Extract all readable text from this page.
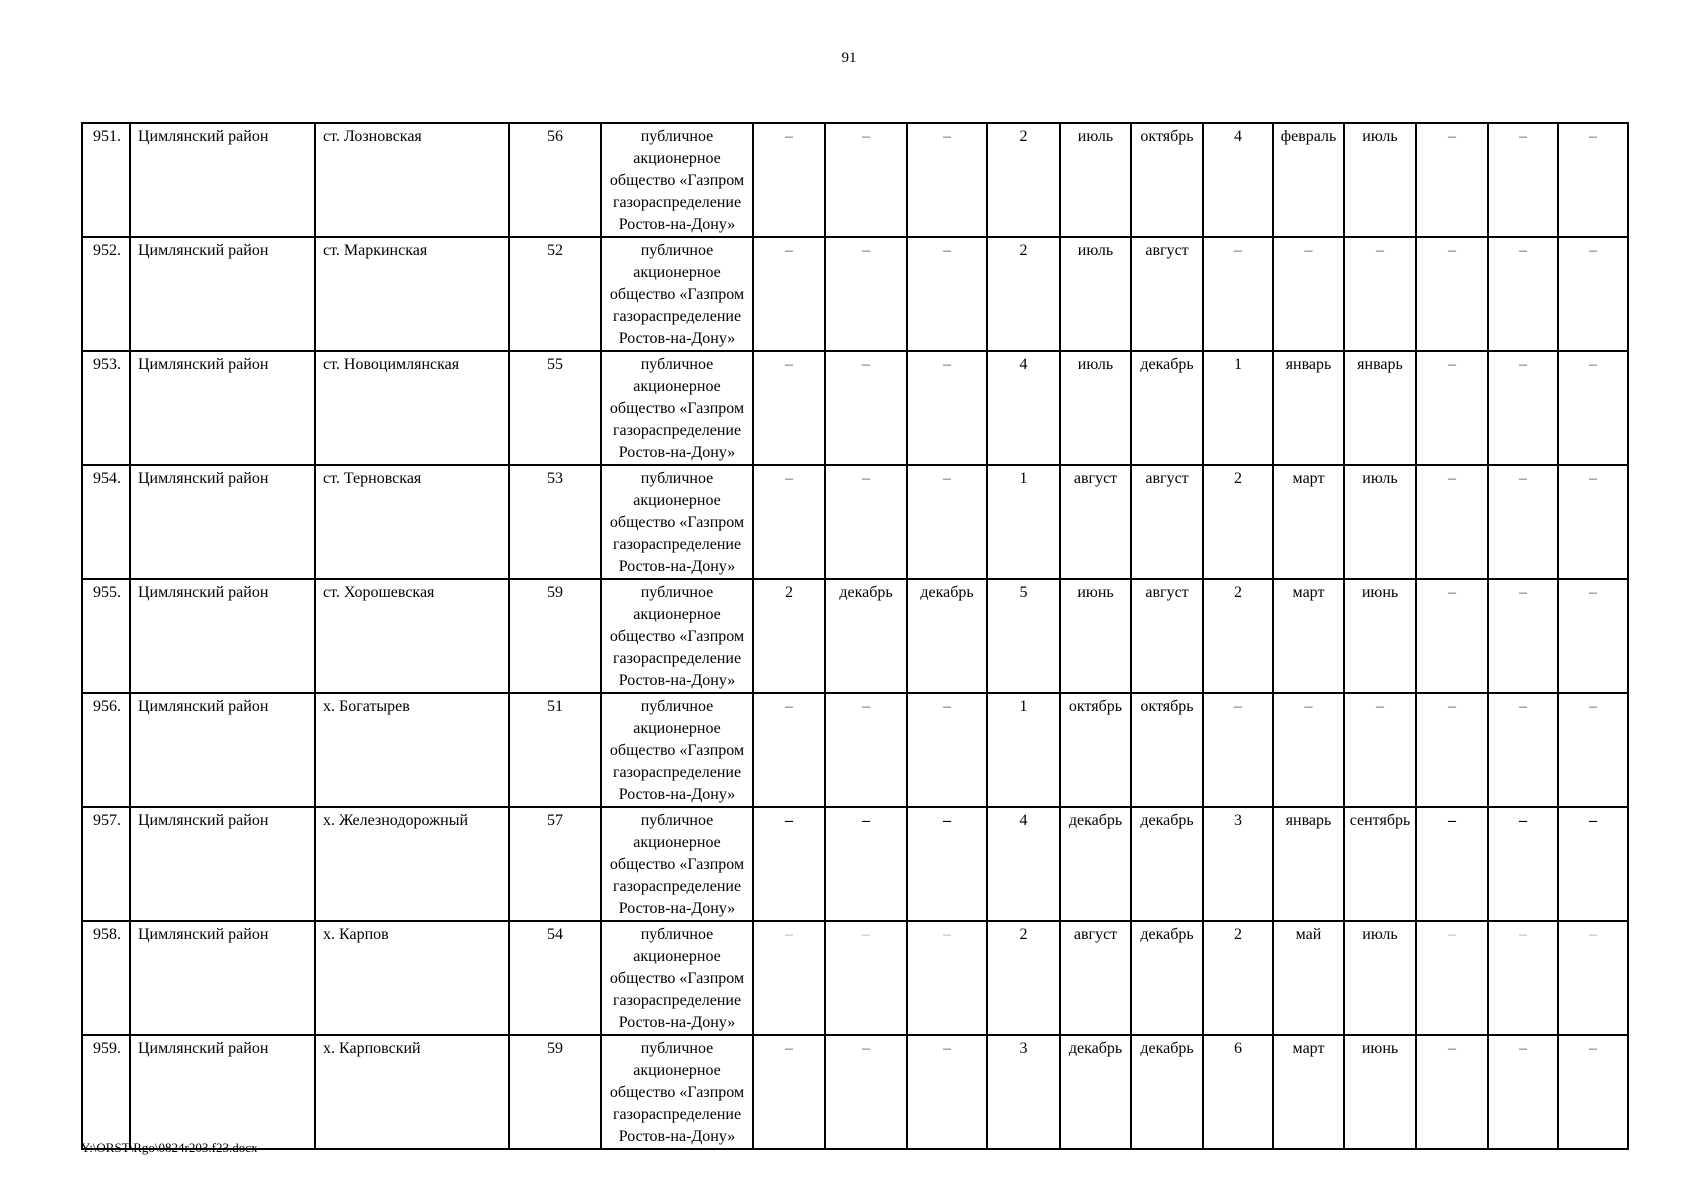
91
951.	Цимлянский район	ст. Лозновская	56	публичное акционерное общество «Газпром газораспределение Ростов-на-Дону»	–	–	–	2	июль	октябрь	4	февраль	июль	–	–	–
952.	Цимлянский район	ст. Маркинская	52	публичное акционерное общество «Газпром газораспределение Ростов-на-Дону»	–	–	–	2	июль	август	–	–	–	–	–	–
953.	Цимлянский район	ст. Новоцимлянская	55	публичное акционерное общество «Газпром газораспределение Ростов-на-Дону»	–	–	–	4	июль	декабрь	1	январь	январь	–	–	–
954.	Цимлянский район	ст. Терновская	53	публичное акционерное общество «Газпром газораспределение Ростов-на-Дону»	–	–	–	1	август	август	2	март	июль	–	–	–
955.	Цимлянский район	ст. Хорошевская	59	публичное акционерное общество «Газпром газораспределение Ростов-на-Дону»	2	декабрь	декабрь	5	июнь	август	2	март	июнь	–	–	–
956.	Цимлянский район	х. Богатырев	51	публичное акционерное общество «Газпром газораспределение Ростов-на-Дону»	–	–	–	1	октябрь	октябрь	–	–	–	–	–	–
957.	Цимлянский район	х. Железнодорожный	57	публичное акционерное общество «Газпром газораспределение Ростов-на-Дону»	–	–	–	4	декабрь	декабрь	3	январь	сентябрь	–	–	–
958.	Цимлянский район	х. Карпов	54	публичное акционерное общество «Газпром газораспределение Ростов-на-Дону»	–	–	–	2	август	декабрь	2	май	июль	–	–	–
959.	Цимлянский район	х. Карповский	59	публичное акционерное общество «Газпром газораспределение Ростов-на-Дону»	–	–	–	3	декабрь	декабрь	6	март	июнь	–	–	–
Y:\ORST\Rgo\0824r203.f23.docx
